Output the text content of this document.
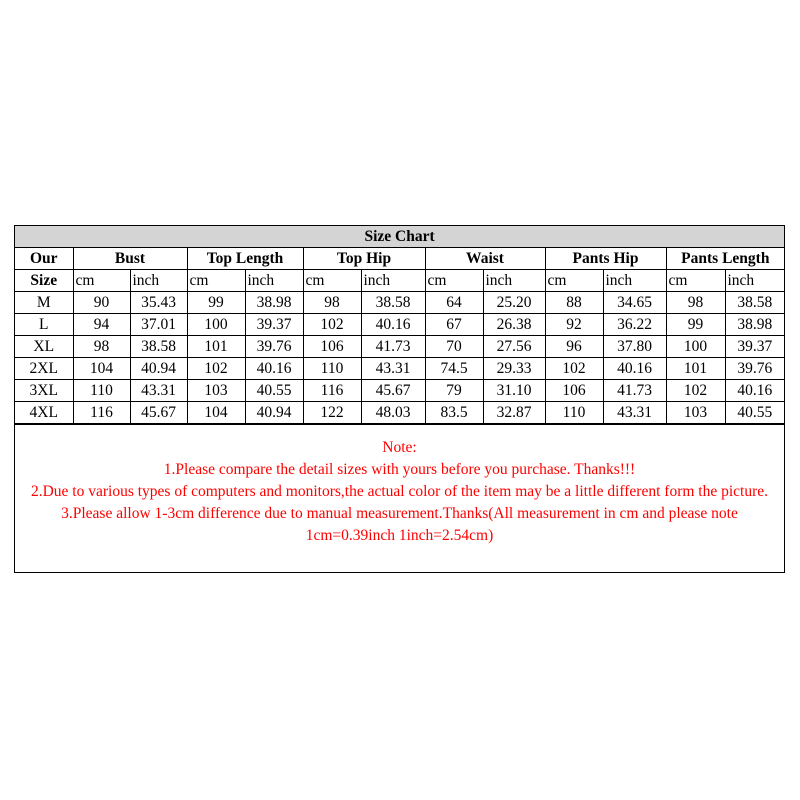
Size Chart												
Our	Bust		Top Length		Top Hip		Waist		Pants Hip		Pants Length	
Size	cm	inch	cm	inch	cm	inch	cm	inch	cm	inch	cm	inch
M	90	35.43	99	38.98	98	38.58	64	25.20	88	34.65	98	38.58
L	94	37.01	100	39.37	102	40.16	67	26.38	92	36.22	99	38.98
XL	98	38.58	101	39.76	106	41.73	70	27.56	96	37.80	100	39.37
2XL	104	40.94	102	40.16	110	43.31	74.5	29.33	102	40.16	101	39.76
3XL	110	43.31	103	40.55	116	45.67	79	31.10	106	41.73	102	40.16
4XL	116	45.67	104	40.94	122	48.03	83.5	32.87	110	43.31	103	40.55

Note:

1.Please compare the detail sizes with yours before you purchase. Thanks!!!

2.Due to various types of computers and monitors,the actual color of the item may be a little different form the picture.

3.Please allow 1-3cm difference due to manual measurement.Thanks(All measurement in cm and please note 1cm=0.39inch 1inch=2.54cm)
